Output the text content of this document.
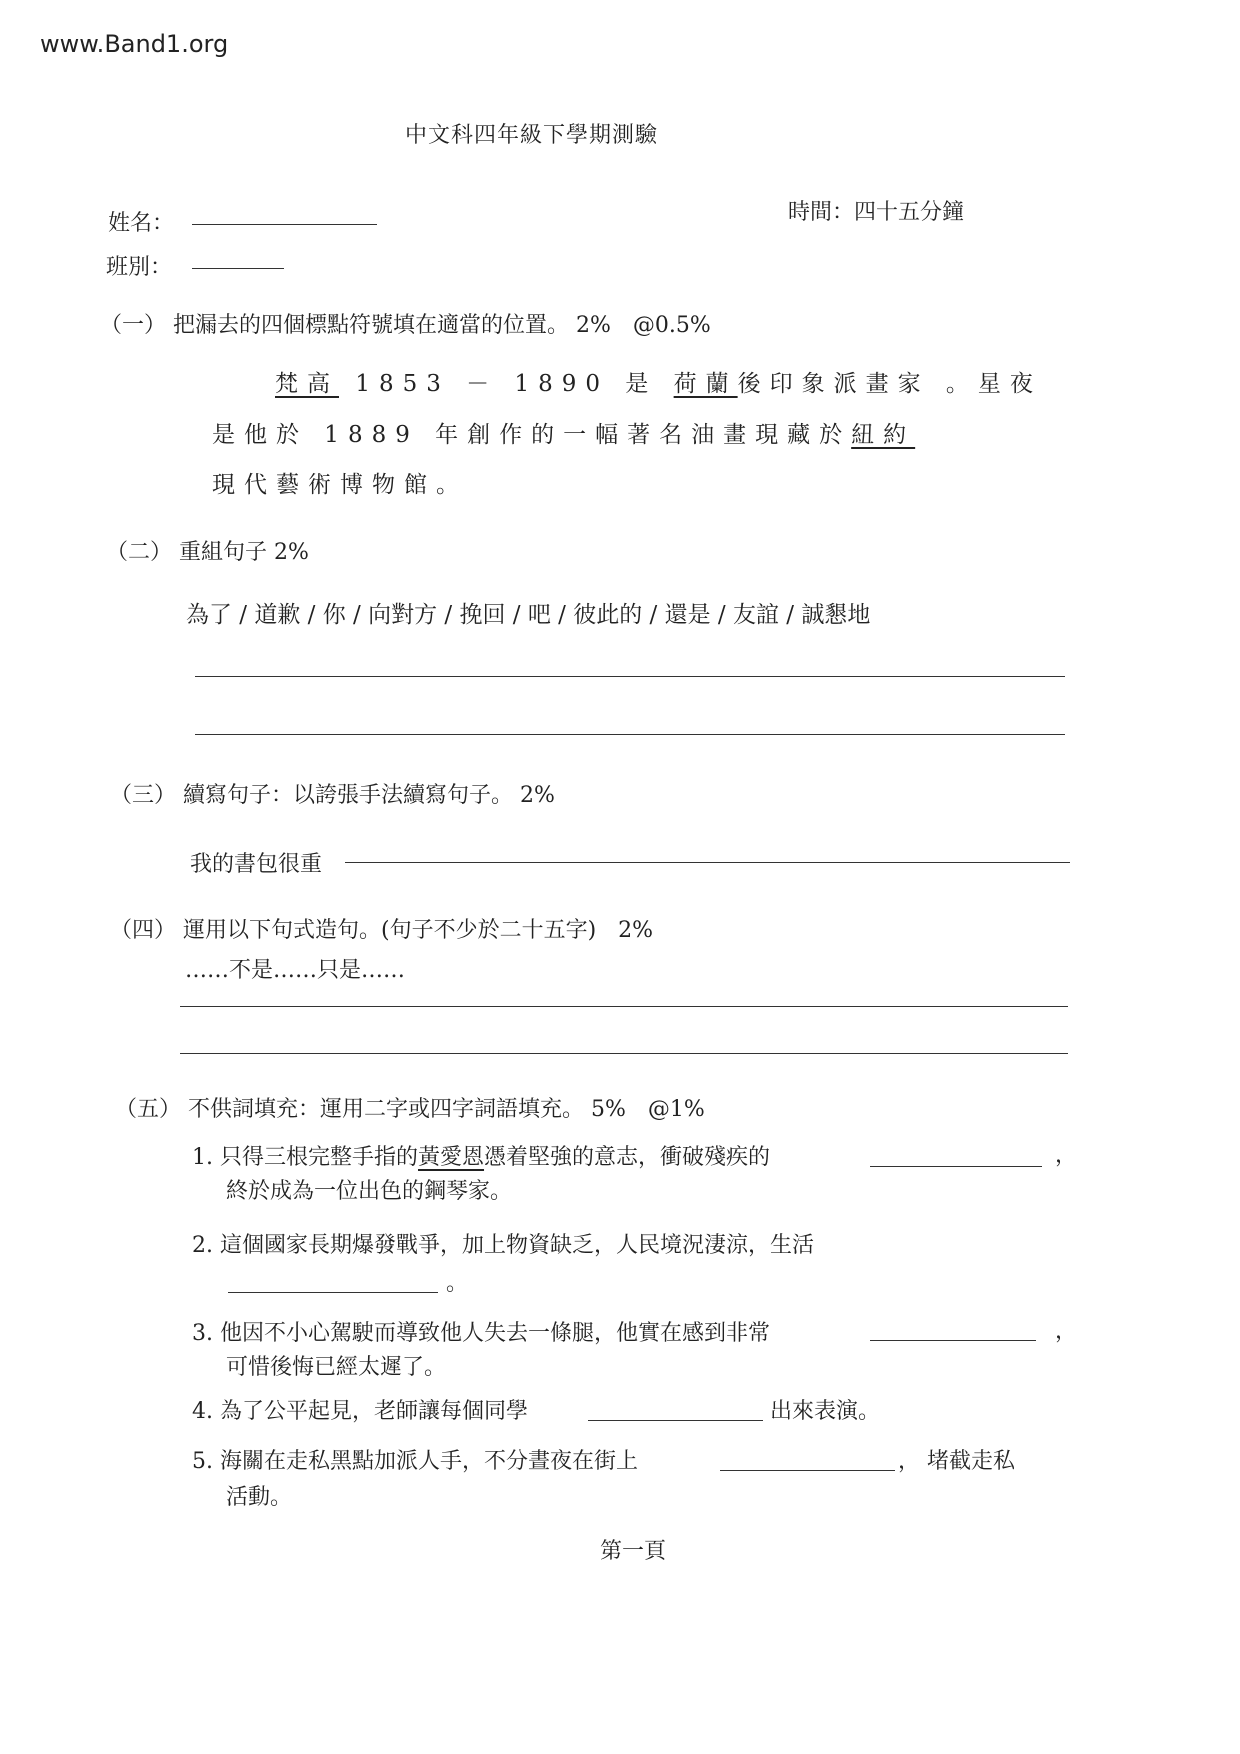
www.Band1.org
中文科四年級下學期測驗
姓名：	時間：四十五分鐘
班別：
（一） 把漏去的四個標點符號填在適當的位置。 2%　@0.5%
梵高 1853 － 1890 是 荷蘭後印象派畫家 。星夜
是他於 1889 年創作的一幅著名油畫現藏於紐約
現代藝術博物館。
（二） 重組句子 2%
為了 / 道歉 / 你 / 向對方 / 挽回 / 吧 / 彼此的 / 還是 / 友誼 / 誠懇地
（三） 續寫句子：以誇張手法續寫句子。 2%
我的書包很重
（四） 運用以下句式造句。(句子不少於二十五字)　2%
……不是……只是……
（五） 不供詞填充：運用二字或四字詞語填充。 5%　@1%
1. 只得三根完整手指的黃愛恩憑着堅強的意志，衝破殘疾的	，
終於成為一位出色的鋼琴家。
2. 這個國家長期爆發戰爭，加上物資缺乏，人民境況淒涼，生活
。
3. 他因不小心駕駛而導致他人失去一條腿，他實在感到非常	，
可惜後悔已經太遲了。
4. 為了公平起見，老師讓每個同學	出來表演。
5. 海關在走私黑點加派人手，不分晝夜在街上	， 堵截走私
活動。
第一頁
